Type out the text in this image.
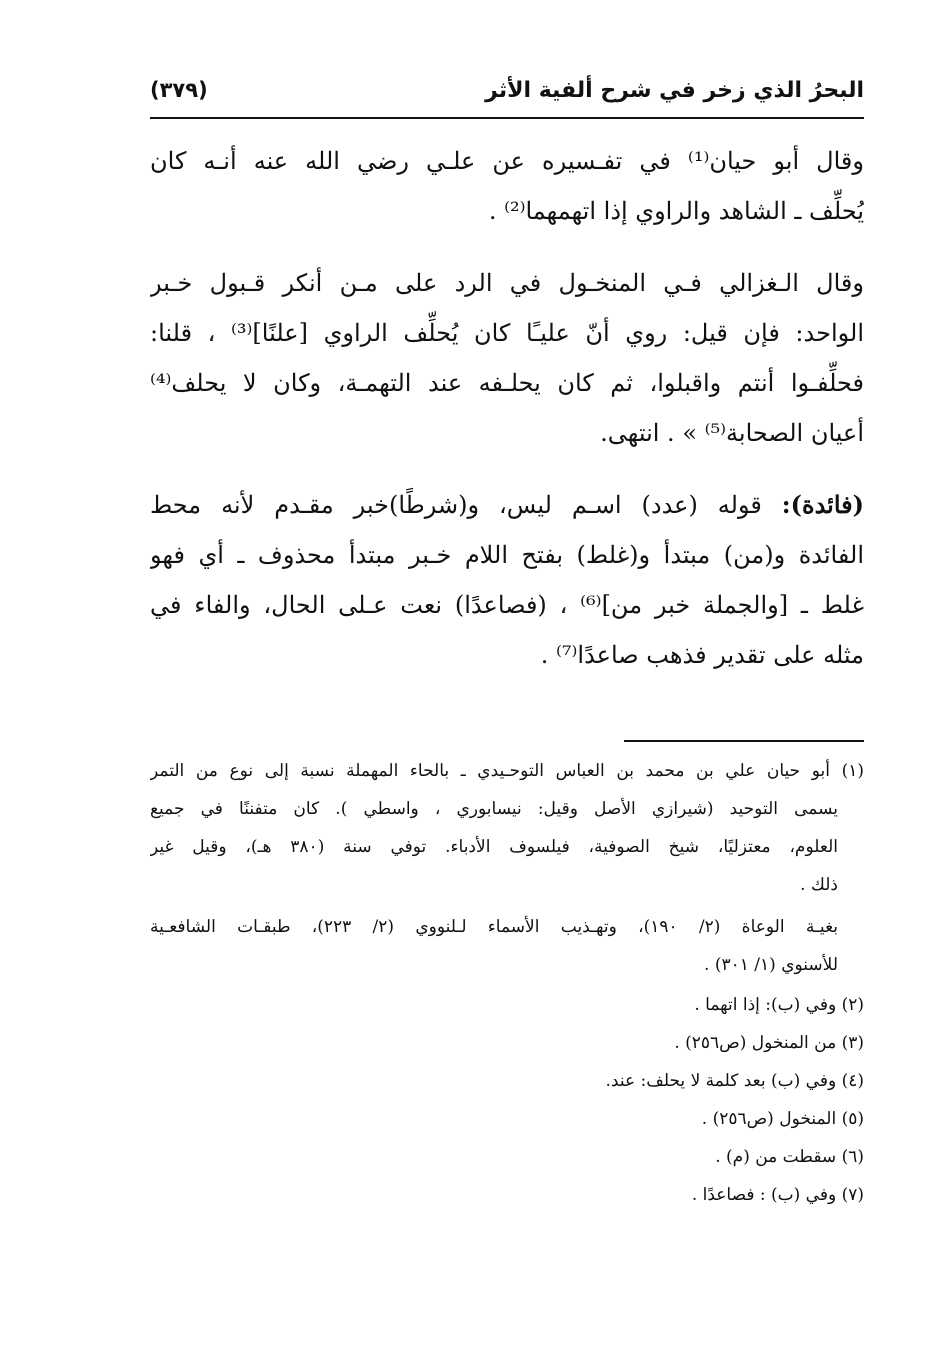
البحرُ الذي زخر في شرح ألفية الأثر
(٣٧٩)
وقال أبو حيان⁽¹⁾ في تفـسيره عن علـي رضي الله عنه أنـه كان
يُحلِّف ـ الشاهد والراوي إذا اتهمهما⁽²⁾ .
وقال الـغزالي فـي المنخـول في الرد على مـن أنكر قـبول خـبر
الواحد: فإن قيل: روي أنّ عليـًا كان يُحلِّف الراوي [علنًا]⁽³⁾ ، قلنا:
فحلِّفـوا أنتم واقبلوا، ثم كان يحلـفه عند التهمـة، وكان لا يحلف⁽⁴⁾
أعيان الصحابة⁽⁵⁾ » . انتهى.
(فائدة): قوله (عدد) اسـم ليس، و(شرطًا)خبر مقـدم لأنه محط
الفائدة و(من) مبتدأ و(غلط) بفتح اللام خـبر مبتدأ محذوف ـ أي فهو
غلط ـ [والجملة خبر من]⁽⁶⁾ ، (فصاعدًا) نعت عـلى الحال، والفاء في
مثله على تقدير فذهب صاعدًا⁽⁷⁾ .
(١) أبو حيان علي بن محمد بن العباس التوحـيدي ـ بالحاء المهملة نسبة إلى نوع من التمر
يسمى التوحيد (شيرازي الأصل وقيل: نيسابوري ، واسطي ). كان متفننًا في جميع
العلوم، معتزليًا، شيخ الصوفية، فيلسوف الأدباء. توفي سنة (٣٨٠ هـ)، وقيل غير
ذلك .
بغيـة الوعاة (٢/ ١٩٠)، وتهـذيب الأسماء لـلنووي (٢/ ٢٢٣)، طبقـات الشافعـية
للأسنوي (١/ ٣٠١) .
(٢) وفي (ب): إذا اتهما .
(٣) من المنخول (ص٢٥٦) .
(٤) وفي (ب) بعد كلمة لا يحلف: عند.
(٥) المنخول (ص٢٥٦) .
(٦) سقطت من (م) .
(٧) وفي (ب) : فصاعدًا .
